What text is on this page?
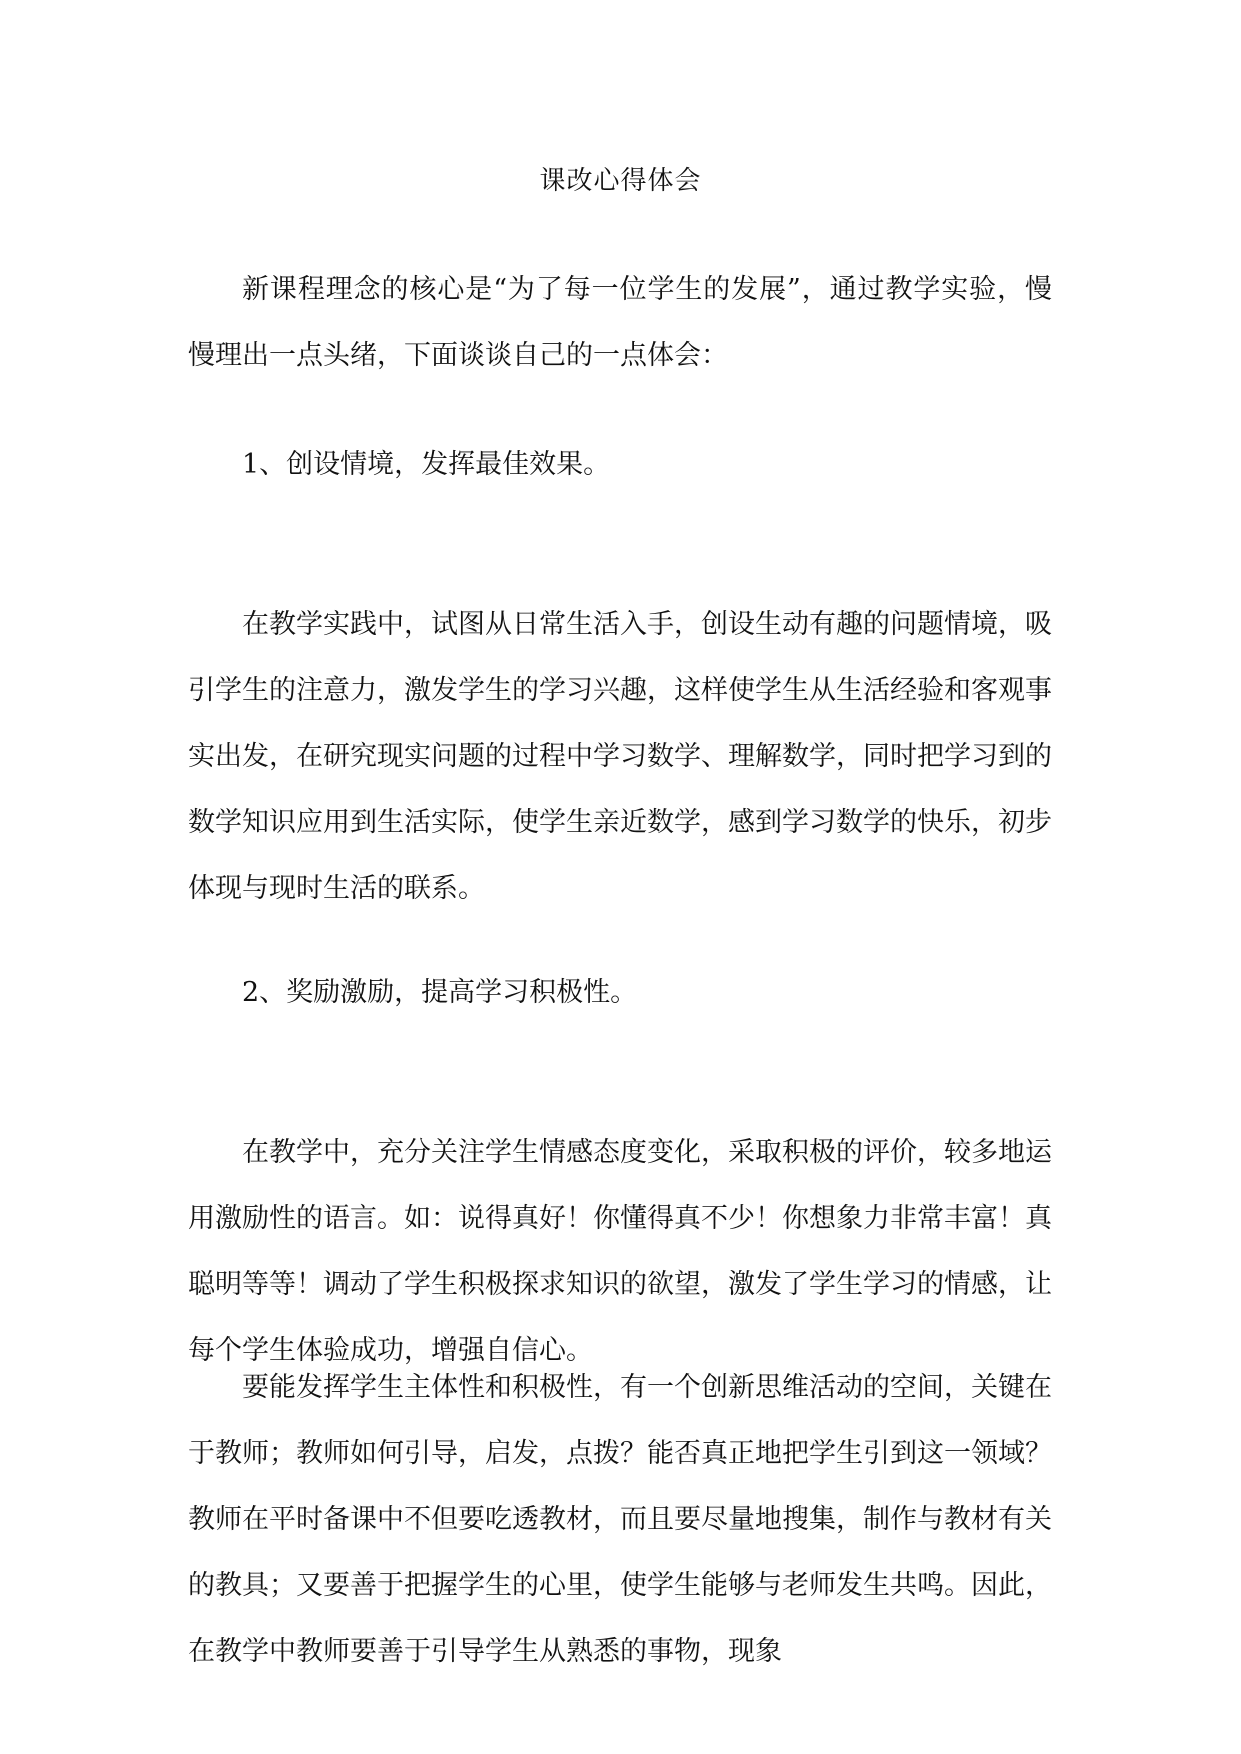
课改心得体会

新课程理念的核心是“为了每一位学生的发展”，通过教学实验，慢慢理出一点头绪，下面谈谈自己的一点体会：

1、创设情境，发挥最佳效果。

在教学实践中，试图从日常生活入手，创设生动有趣的问题情境，吸引学生的注意力，激发学生的学习兴趣，这样使学生从生活经验和客观事实出发，在研究现实问题的过程中学习数学、理解数学，同时把学习到的数学知识应用到生活实际，使学生亲近数学，感到学习数学的快乐，初步体现与现时生活的联系。

2、奖励激励，提高学习积极性。

在教学中，充分关注学生情感态度变化，采取积极的评价，较多地运用激励性的语言。如：说得真好！你懂得真不少！你想象力非常丰富！真聪明等等！调动了学生积极探求知识的欲望，激发了学生学习的情感，让每个学生体验成功，增强自信心。

要能发挥学生主体性和积极性，有一个创新思维活动的空间，关键在于教师；教师如何引导，启发，点拨？能否真正地把学生引到这一领域？教师在平时备课中不但要吃透教材，而且要尽量地搜集，制作与教材有关的教具；又要善于把握学生的心里，使学生能够与老师发生共鸣。因此，在教学中教师要善于引导学生从熟悉的事物，现象
